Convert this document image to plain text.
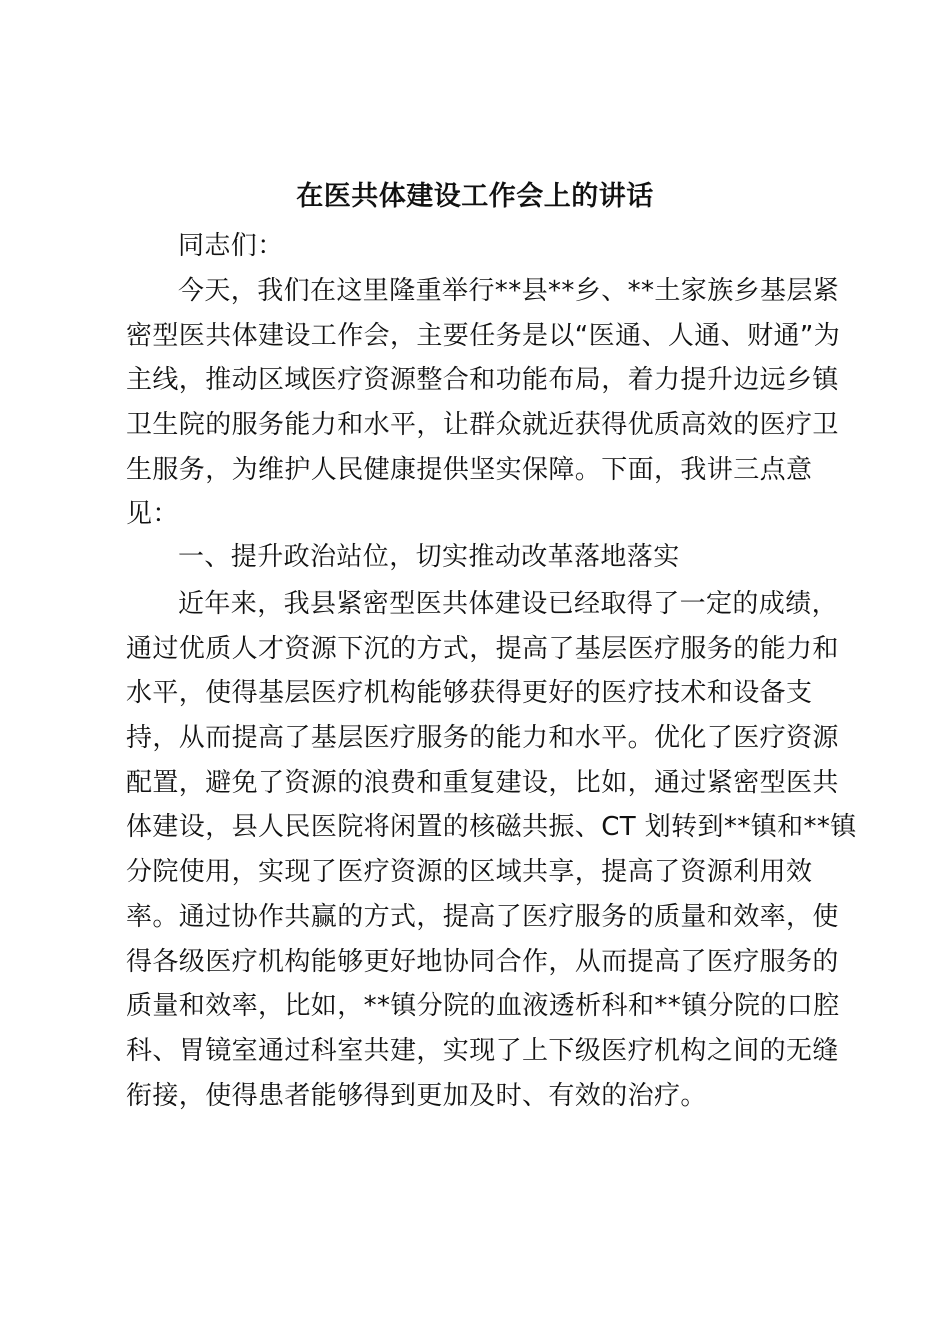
在医共体建设工作会上的讲话

同志们：

今天，我们在这里隆重举行**县**乡、**土家族乡基层紧
密型医共体建设工作会，主要任务是以“医通、人通、财通”为
主线，推动区域医疗资源整合和功能布局，着力提升边远乡镇
卫生院的服务能力和水平，让群众就近获得优质高效的医疗卫
生服务，为维护人民健康提供坚实保障。下面，我讲三点意
见：
一、提升政治站位，切实推动改革落地落实
近年来，我县紧密型医共体建设已经取得了一定的成绩，
通过优质人才资源下沉的方式，提高了基层医疗服务的能力和
水平，使得基层医疗机构能够获得更好的医疗技术和设备支
持，从而提高了基层医疗服务的能力和水平。优化了医疗资源
配置，避免了资源的浪费和重复建设，比如，通过紧密型医共
体建设，县人民医院将闲置的核磁共振、CT 划转到**镇和**镇
分院使用，实现了医疗资源的区域共享，提高了资源利用效
率。通过协作共赢的方式，提高了医疗服务的质量和效率，使
得各级医疗机构能够更好地协同合作，从而提高了医疗服务的
质量和效率，比如，**镇分院的血液透析科和**镇分院的口腔
科、胃镜室通过科室共建，实现了上下级医疗机构之间的无缝
衔接，使得患者能够得到更加及时、有效的治疗。
